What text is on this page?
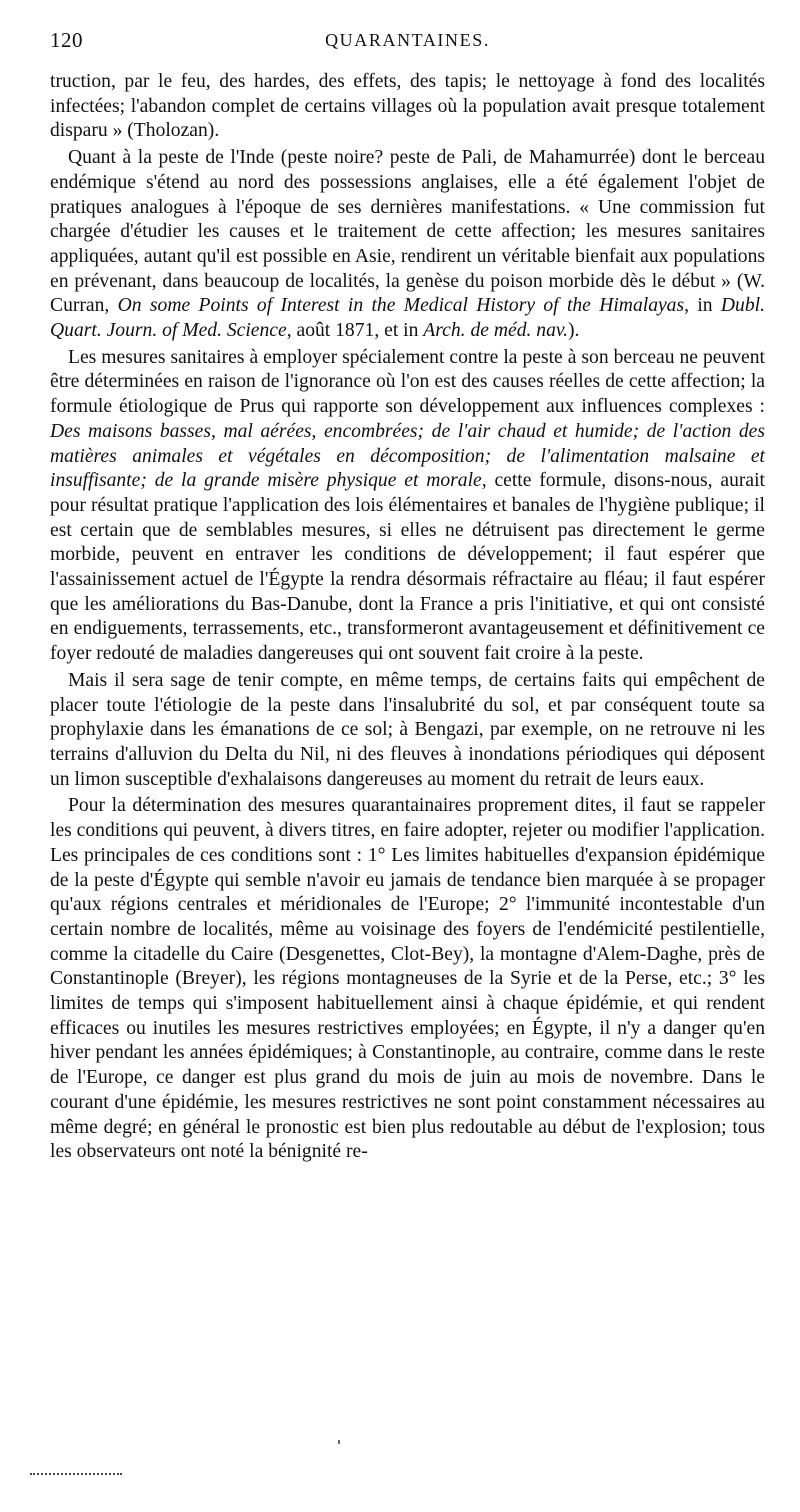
120	QUARANTAINES.

truction, par le feu, des hardes, des effets, des tapis; le nettoyage à fond des localités infectées; l'abandon complet de certains villages où la population avait presque totalement disparu » (Tholozan).

Quant à la peste de l'Inde (peste noire? peste de Pali, de Mahamurrée) dont le berceau endémique s'étend au nord des possessions anglaises, elle a été également l'objet de pratiques analogues à l'époque de ses dernières manifestations. « Une commission fut chargée d'étudier les causes et le traitement de cette affection; les mesures sanitaires appliquées, autant qu'il est possible en Asie, rendirent un véritable bienfait aux populations en prévenant, dans beaucoup de localités, la genèse du poison morbide dès le début » (W. Curran, On some Points of Interest in the Medical History of the Himalayas, in Dubl. Quart. Journ. of Med. Science, août 1871, et in Arch. de méd. nav.).

Les mesures sanitaires à employer spécialement contre la peste à son berceau ne peuvent être déterminées en raison de l'ignorance où l'on est des causes réelles de cette affection; la formule étiologique de Prus qui rapporte son développement aux influences complexes : Des maisons basses, mal aérées, encombrées; de l'air chaud et humide; de l'action des matières animales et végétales en décomposition; de l'alimentation malsaine et insuffisante; de la grande misère physique et morale, cette formule, disons-nous, aurait pour résultat pratique l'application des lois élémentaires et banales de l'hygiène publique; il est certain que de semblables mesures, si elles ne détruisent pas directement le germe morbide, peuvent en entraver les conditions de développement; il faut espérer que l'assainissement actuel de l'Égypte la rendra désormais réfractaire au fléau; il faut espérer que les améliorations du Bas-Danube, dont la France a pris l'initiative, et qui ont consisté en endiguements, terrassements, etc., transformeront avantageusement et définitivement ce foyer redouté de maladies dangereuses qui ont souvent fait croire à la peste.

Mais il sera sage de tenir compte, en même temps, de certains faits qui empêchent de placer toute l'étiologie de la peste dans l'insalubrité du sol, et par conséquent toute sa prophylaxie dans les émanations de ce sol; à Bengazi, par exemple, on ne retrouve ni les terrains d'alluvion du Delta du Nil, ni des fleuves à inondations périodiques qui déposent un limon susceptible d'exhalaisons dangereuses au moment du retrait de leurs eaux.

Pour la détermination des mesures quarantainaires proprement dites, il faut se rappeler les conditions qui peuvent, à divers titres, en faire adopter, rejeter ou modifier l'application. Les principales de ces conditions sont : 1° Les limites habituelles d'expansion épidémique de la peste d'Égypte qui semble n'avoir eu jamais de tendance bien marquée à se propager qu'aux régions centrales et méridionales de l'Europe; 2° l'immunité incontestable d'un certain nombre de localités, même au voisinage des foyers de l'endémicité pestilentielle, comme la citadelle du Caire (Desgenettes, Clot-Bey), la montagne d'Alem-Daghe, près de Constantinople (Breyer), les régions montagneuses de la Syrie et de la Perse, etc.; 3° les limites de temps qui s'imposent habituellement ainsi à chaque épidémie, et qui rendent efficaces ou inutiles les mesures restrictives employées; en Égypte, il n'y a danger qu'en hiver pendant les années épidémiques; à Constantinople, au contraire, comme dans le reste de l'Europe, ce danger est plus grand du mois de juin au mois de novembre. Dans le courant d'une épidémie, les mesures restrictives ne sont point constamment nécessaires au même degré; en général le pronostic est bien plus redoutable au début de l'explosion; tous les observateurs ont noté la bénignité re-
